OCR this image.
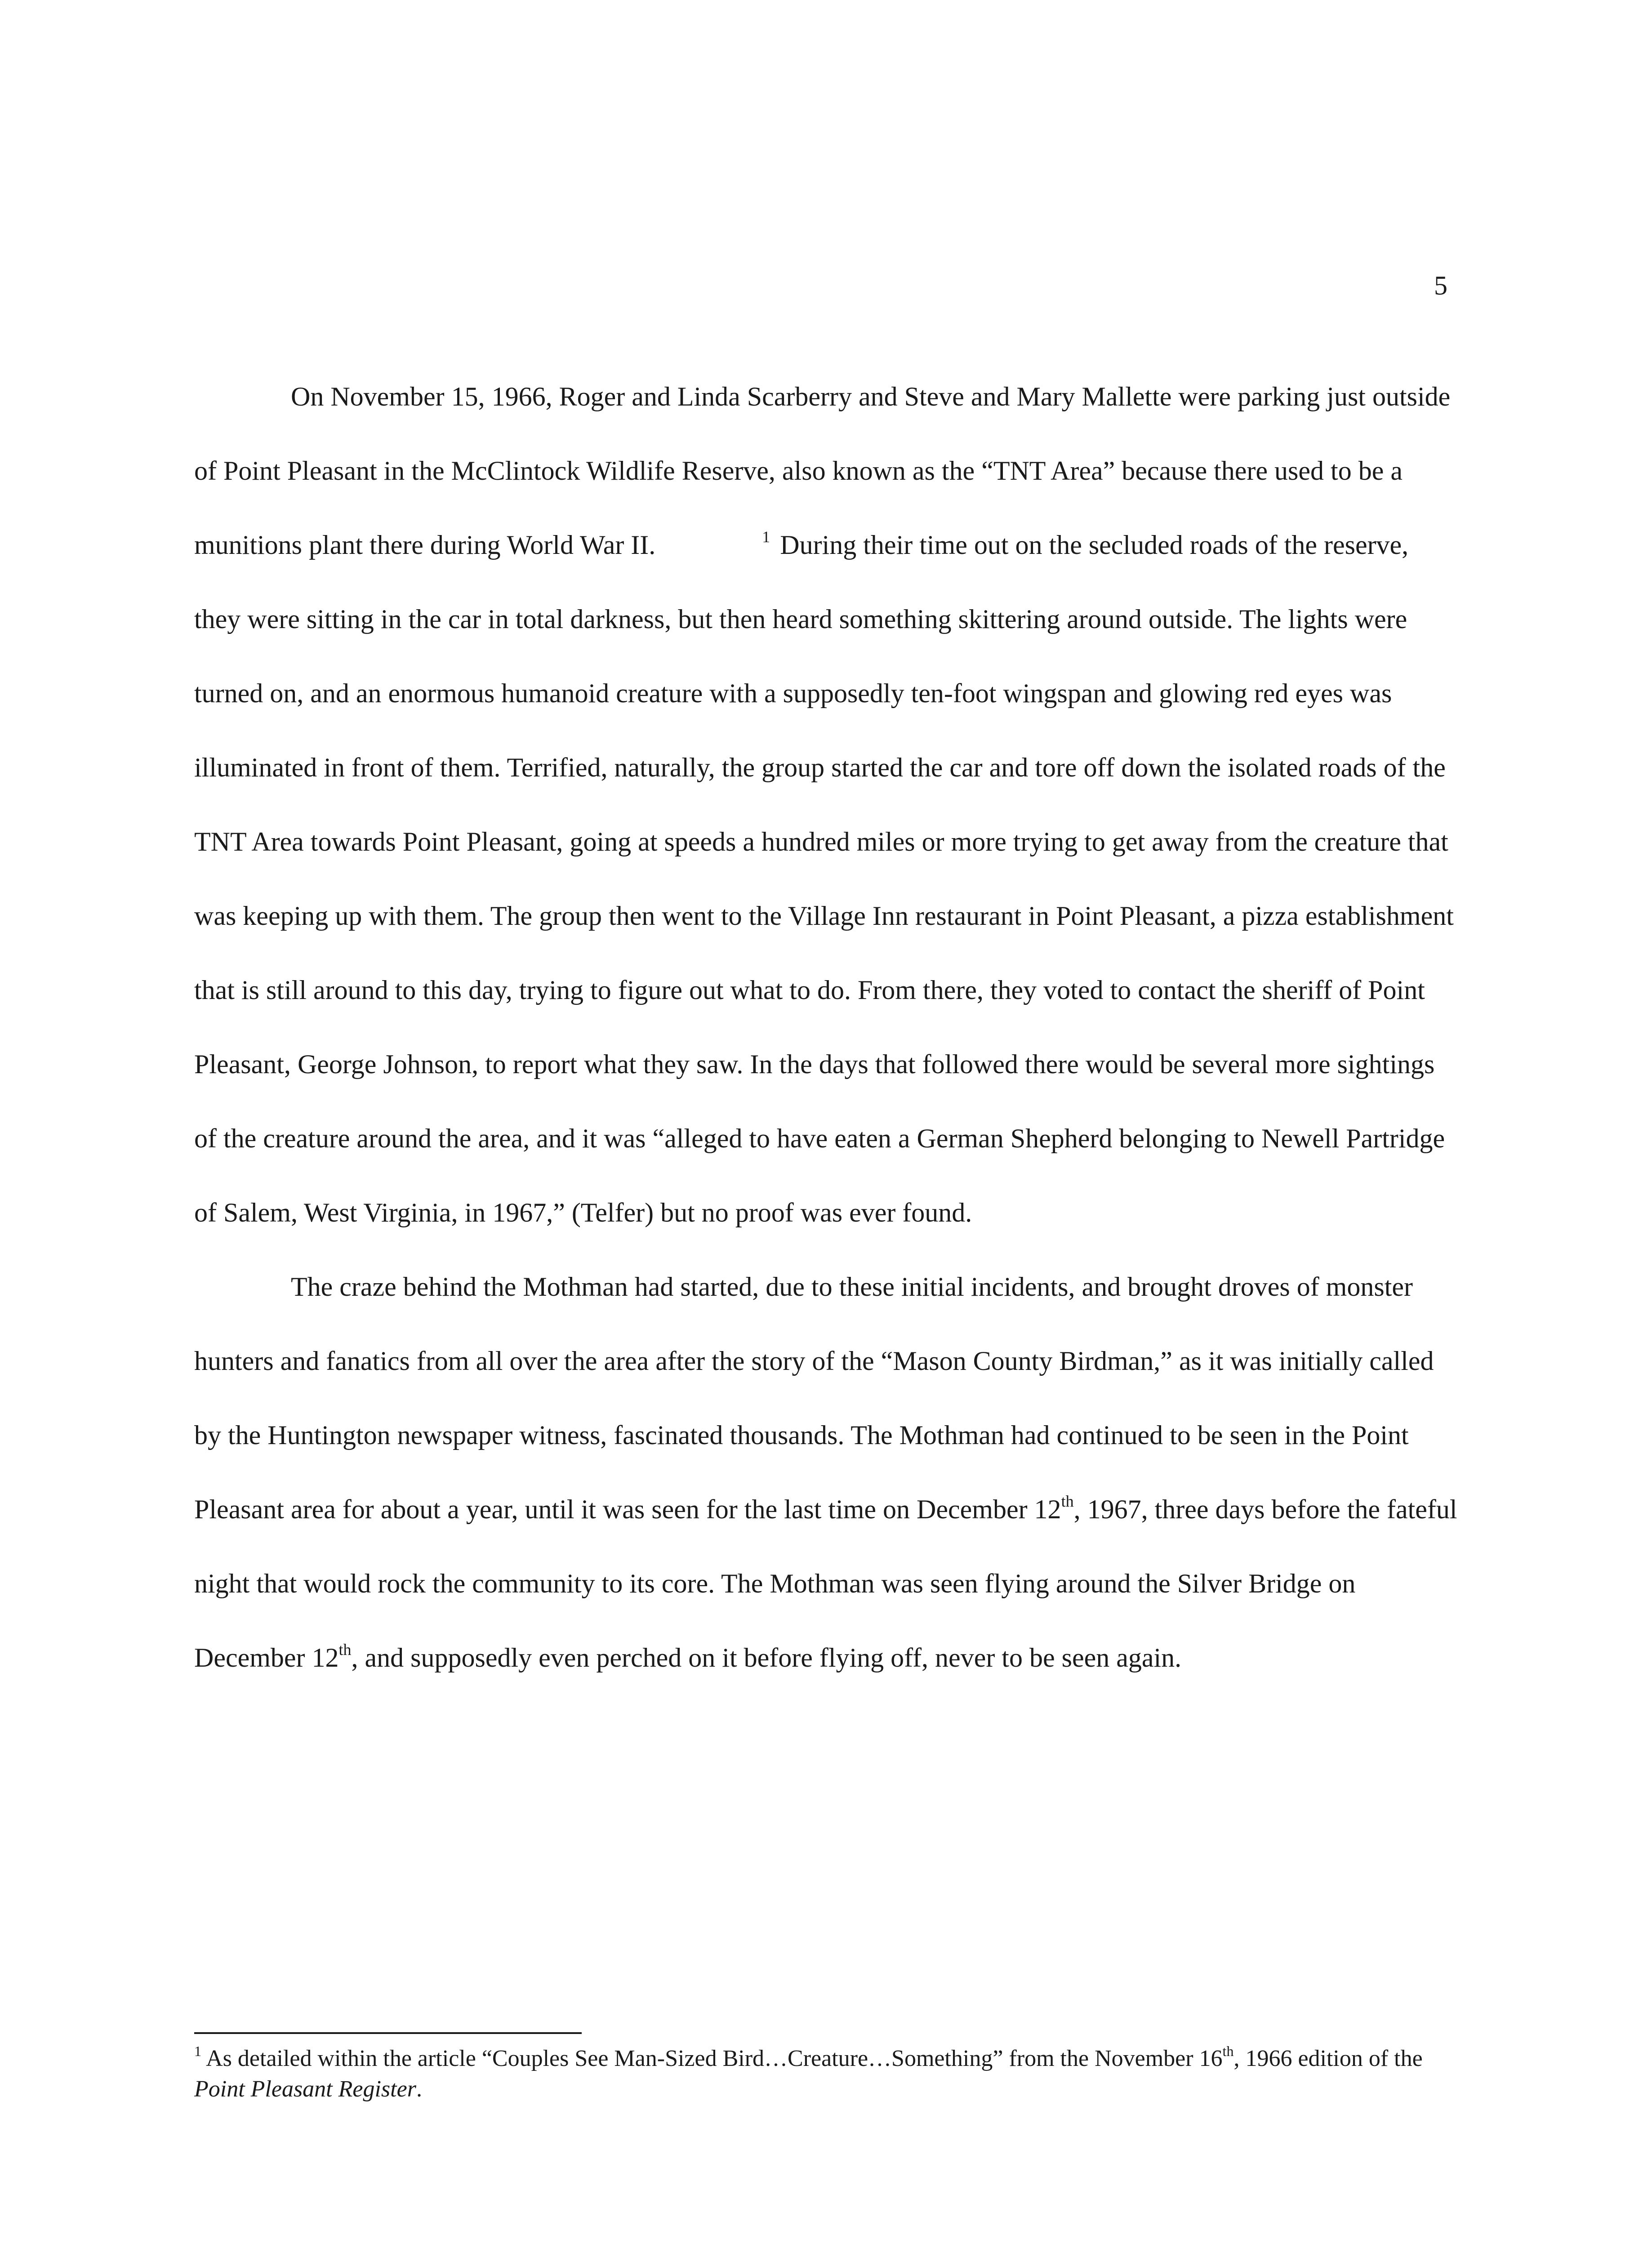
5

On November 15, 1966, Roger and Linda Scarberry and Steve and Mary Mallette were parking just outside of Point Pleasant in the McClintock Wildlife Reserve, also known as the “TNT Area” because there used to be a munitions plant there during World War II.	$^1$ During their time out on the secluded roads of the reserve, they were sitting in the car in total darkness, but then heard something skittering around outside. The lights were turned on, and an enormous humanoid creature with a supposedly ten-foot wingspan and glowing red eyes was illuminated in front of them. Terrified, naturally, the group started the car and tore off down the isolated roads of the TNT Area towards Point Pleasant, going at speeds a hundred miles or more trying to get away from the creature that was keeping up with them. The group then went to the Village Inn restaurant in Point Pleasant, a pizza establishment that is still around to this day, trying to figure out what to do. From there, they voted to contact the sheriff of Point Pleasant, George Johnson, to report what they saw. In the days that followed there would be several more sightings of the creature around the area, and it was “alleged to have eaten a German Shepherd belonging to Newell Partridge of Salem, West Virginia, in 1967,” (Telfer) but no proof was ever found.

The craze behind the Mothman had started, due to these initial incidents, and brought droves of monster hunters and fanatics from all over the area after the story of the “Mason County Birdman,” as it was initially called by the Huntington newspaper witness, fascinated thousands. The Mothman had continued to be seen in the Point Pleasant area for about a year, until it was seen for the last time on December 12th, 1967, three days before the fateful night that would rock the community to its core. The Mothman was seen flying around the Silver Bridge on December 12th, and supposedly even perched on it before flying off, never to be seen again.

$^1$ As detailed within the article “Couples See Man-Sized Bird…Creature…Something” from the November 16th, 1966 edition of the Point Pleasant Register.
